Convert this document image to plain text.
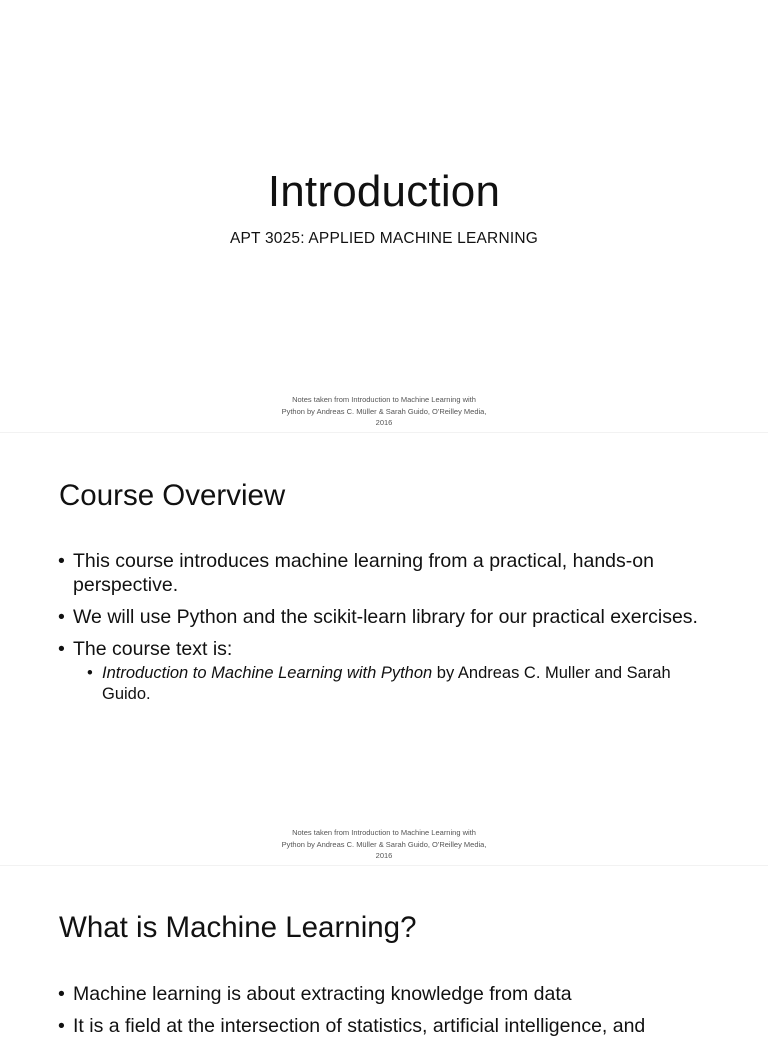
Introduction
APT 3025: APPLIED MACHINE LEARNING
Notes taken from Introduction to Machine Learning with
Python by Andreas C. Müller & Sarah Guido, O'Reilley Media,
2016
Course Overview
• This course introduces machine learning from a practical, hands-on perspective.
• We will use Python and the scikit-learn library for our practical exercises.
• The course text is:
• Introduction to Machine Learning with Python by Andreas C. Muller and Sarah Guido.
Notes taken from Introduction to Machine Learning with
Python by Andreas C. Müller & Sarah Guido, O'Reilley Media,
2016
What is Machine Learning?
• Machine learning is about extracting knowledge from data
• It is a field at the intersection of statistics, artificial intelligence, and
